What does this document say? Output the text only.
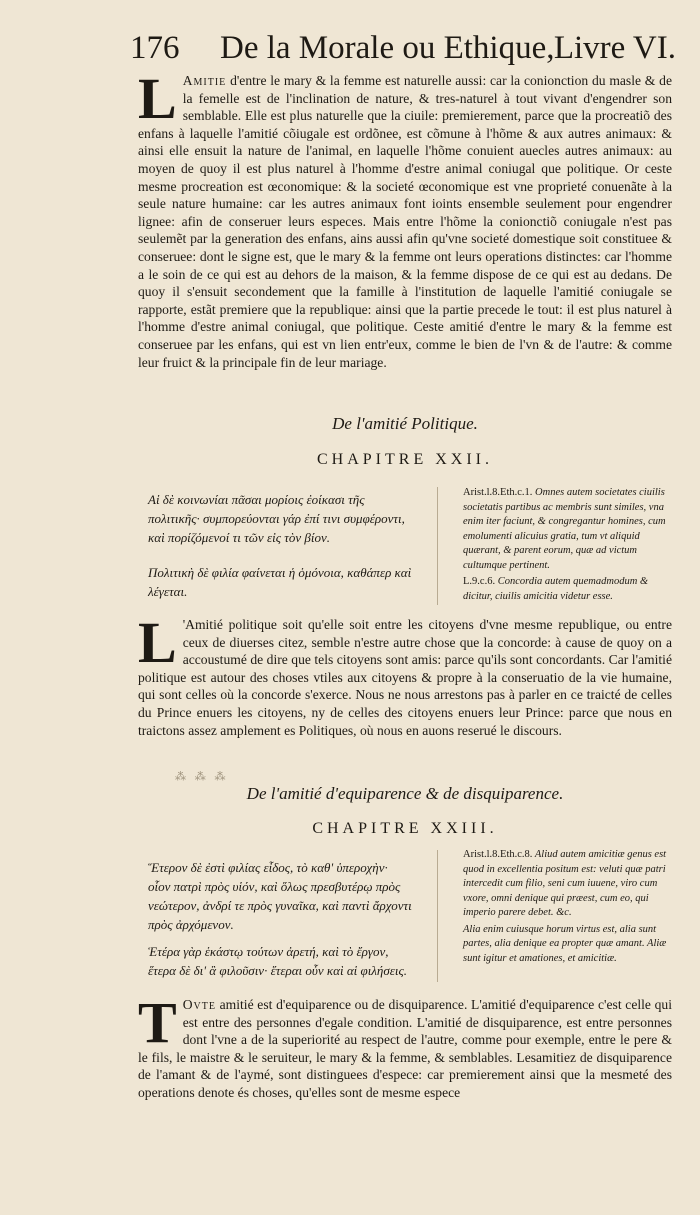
176 De la Morale ou Ethique, Livre VI.
L Amitie d'entre le mary & la femme est naturelle aussi: car la conionction du masle & de la femelle est de l'inclination de nature, & tres-naturel à tout vivant d'engendrer son semblable. Elle est plus naturelle que la ciuile: premierement, parce que la procreatiõ des enfans à laquelle l'amitié cõiugale est ordõnee, est cõmune à l'hõme & aux autres animaux: & ainsi elle ensuit la nature de l'animal, en laquelle l'hõme conuient auecles autres animaux: au moyen de quoy il est plus naturel à l'homme d'estre animal coniugal que politique. Or ceste mesme procreation est œconomique: & la societé œconomique est vne proprieté conuenãte à la seule nature humaine: car les autres animaux font ioints ensemble seulement pour engendrer lignee: afin de conseruer leurs especes. Mais entre l'hõme la conionctiõ coniugale n'est pas seulemẽt par la generation des enfans, ains aussi afin qu'vne societé domestique soit constituee & conseruee: dont le signe est, que le mary & la femme ont leurs operations distinctes: car l'homme a le soin de ce qui est au dehors de la maison, & la femme dispose de ce qui est au dedans. De quoy il s'ensuit secondement que la famille à l'institution de laquelle l'amitié coniugale se rapporte, estãt premiere que la republique: ainsi que la partie precede le tout: il est plus naturel à l'homme d'estre animal coniugal, que politique. Ceste amitié d'entre le mary & la femme est conseruee par les enfans, qui est vn lien entr'eux, comme le bien de l'vn & de l'autre: & comme leur fruict & la principale fin de leur mariage.
De l'amitié Politique.
CHAPITRE XXII.

Αἱ δὲ κοινωνίαι πᾶσαι μορίοις ἐοίκασι τῆς πολιτικῆς· συμπορεύονται γάρ ἐπί τινι συμφέροντι, καὶ πορίζόμενοί τι τῶν εἰς τὸν βίον.

Πολιτικὴ δὲ φιλία φαίνεται ἡ ὁμόνοια, καθάπερ καὶ λέγεται.

Arist.l.8.Eth.c.1. Omnes autem societates ciuilis societatis partibus ac membris sunt similes, vna enim iter faciunt, & congregantur homines, cum emolumenti alicuius gratia, tum vt aliquid quærant, & parent eorum, quæ ad victum cultumque pertinent.

L.9.c.6. Concordia autem quemadmodum & dicitur, ciuilis amicitia videtur esse.

L 'Amitié politique soit qu'elle soit entre les citoyens d'vne mesme republique, ou entre ceux de diuerses citez, semble n'estre autre chose que la concorde: à cause de quoy on a accoustumé de dire que tels citoyens sont amis: parce qu'ils sont concordants. Car l'amitié politique est autour des choses vtiles aux citoyens & propre à la conseruatio de la vie humaine, qui sont celles où la concorde s'exerce. Nous ne nous arrestons pas à parler en ce traicté de celles du Prince enuers les citoyens, ny de celles des citoyens enuers leur Prince: parce que nous en traictons assez amplement es Politiques, où nous en auons reserué le discours.
⁂ ⁂ ⁂
De l'amitié d'equiparence & de disquiparence.
CHAPITRE XXIII.

Ἕτερον δὲ ἐστὶ φιλίας εἶδος, τὸ καθ' ὑπεροχὴν· οἷον πατρὶ πρὸς υἱόν, καὶ ὅλως πρεσβυτέρῳ πρὸς νεώτερον, ἀνδρί τε πρὸς γυναῖκα, καὶ παντὶ ἄρχοντι πρὸς ἀρχόμενον.

Ἑτέρα γὰρ ἑκάστῳ τούτων ἀρετή, καὶ τὸ ἔργον, ἕτερα δὲ δι' ἃ φιλοῦσιν· ἕτεραι οὖν καὶ αἱ φιλήσεις.

Arist.l.8.Eth.c.8. Aliud autem amicitiæ genus est quod in excellentia positum est: veluti quæ patri intercedit cum filio, seni cum iuuene, viro cum vxore, omni denique qui præest, cum eo, qui imperio parere debet. &c.

Alia enim cuiusque horum virtus est, alia sunt partes, alia denique ea propter quæ amant. Aliæ sunt igitur et amationes, et amicitiæ.

T Ovte amitié est d'equiparence ou de disquiparence. L'amitié d'equiparence c'est celle qui est entre des personnes d'egale condition. L'amitié de disquiparence, est entre personnes dont l'vne a de la superiorité au respect de l'autre, comme pour exemple, entre le pere & le fils, le maistre & le seruiteur, le mary & la femme, & semblables. Lesamitiez de disquiparence de l'amant & de l'aymé, sont distinguees d'espece: car premierement ainsi que la mesmeté des operations denote és choses, qu'elles sont de mesme espece
